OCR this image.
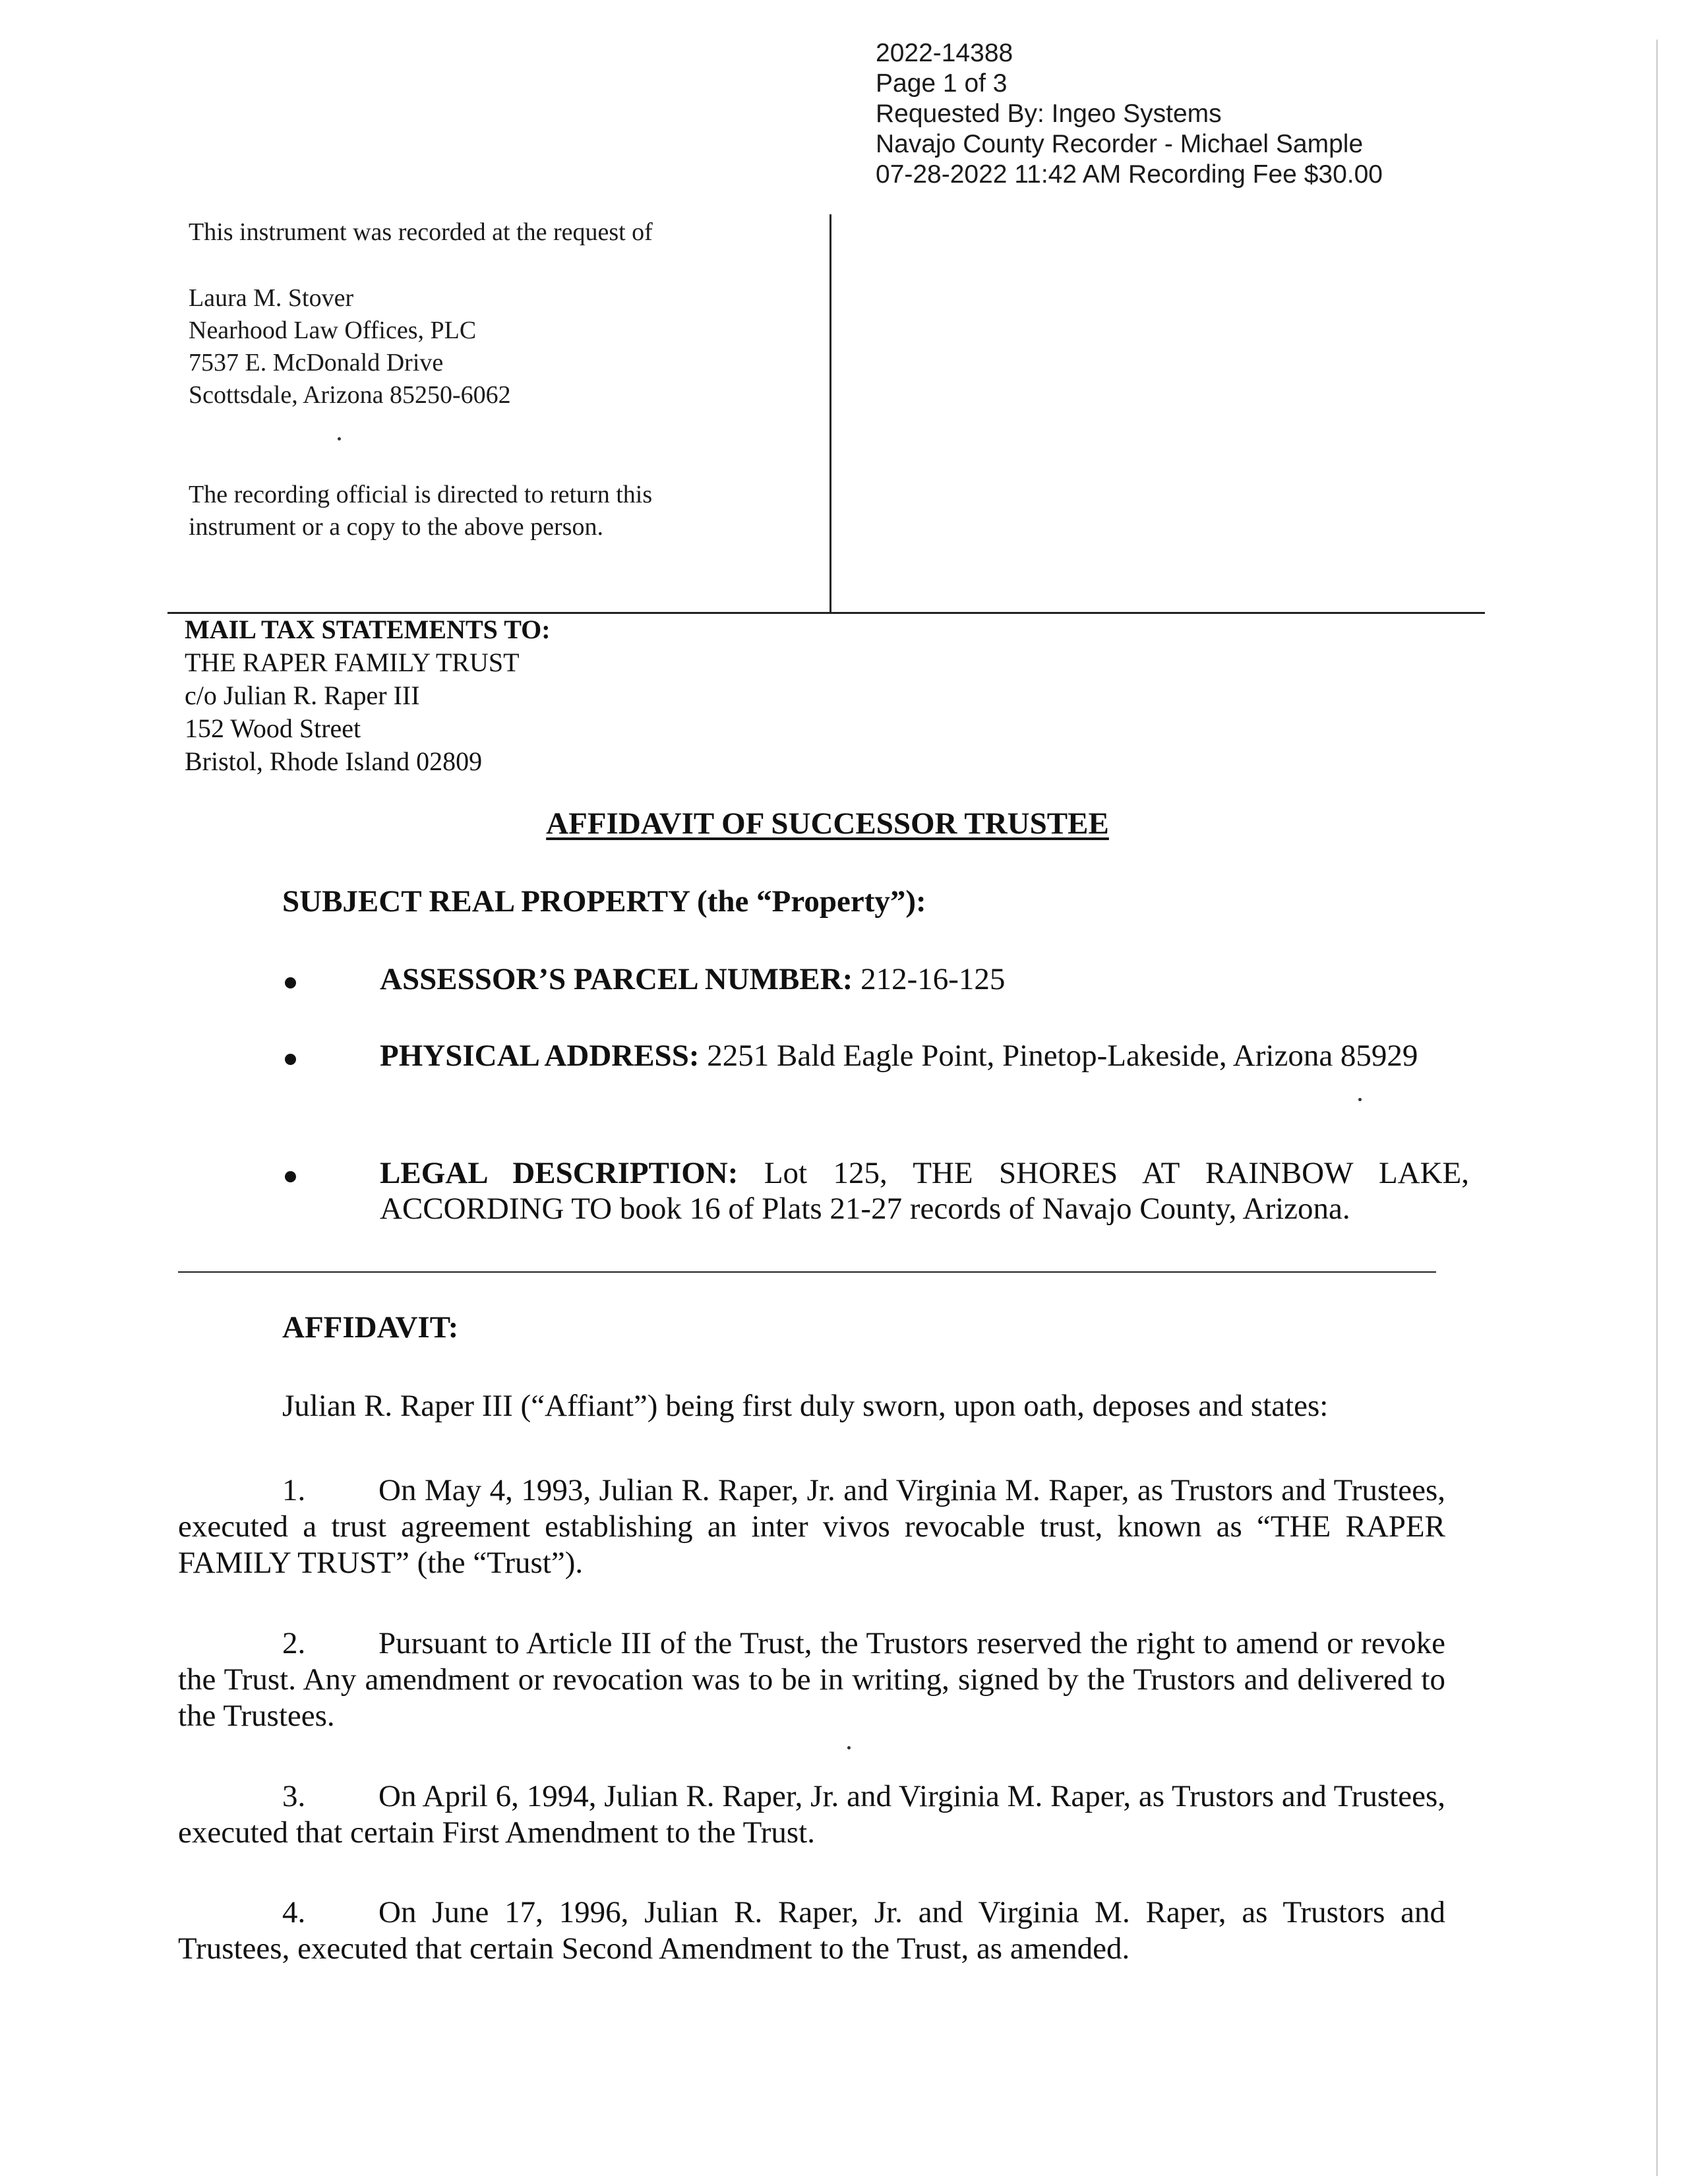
2022-14388
Page 1 of 3
Requested By: Ingeo Systems
Navajo County Recorder - Michael Sample
07-28-2022 11:42 AM Recording Fee $30.00
This instrument was recorded at the request of
Laura M. Stover
Nearhood Law Offices, PLC
7537 E. McDonald Drive
Scottsdale, Arizona 85250-6062
The recording official is directed to return this
instrument or a copy to the above person.
MAIL TAX STATEMENTS TO:
THE RAPER FAMILY TRUST
c/o Julian R. Raper III
152 Wood Street
Bristol, Rhode Island 02809
AFFIDAVIT OF SUCCESSOR TRUSTEE
SUBJECT REAL PROPERTY (the “Property”):
ASSESSOR’S PARCEL NUMBER: 212-16-125
PHYSICAL ADDRESS: 2251 Bald Eagle Point, Pinetop-Lakeside, Arizona 85929
LEGAL DESCRIPTION: Lot 125, THE SHORES AT RAINBOW LAKE, ACCORDING TO book 16 of Plats 21-27 records of Navajo County, Arizona.
AFFIDAVIT:
Julian R. Raper III (“Affiant”) being first duly sworn, upon oath, deposes and states:
1. On May 4, 1993, Julian R. Raper, Jr. and Virginia M. Raper, as Trustors and Trustees, executed a trust agreement establishing an inter vivos revocable trust, known as “THE RAPER FAMILY TRUST” (the “Trust”).
2. Pursuant to Article III of the Trust, the Trustors reserved the right to amend or revoke the Trust. Any amendment or revocation was to be in writing, signed by the Trustors and delivered to the Trustees.
3. On April 6, 1994, Julian R. Raper, Jr. and Virginia M. Raper, as Trustors and Trustees, executed that certain First Amendment to the Trust.
4. On June 17, 1996, Julian R. Raper, Jr. and Virginia M. Raper, as Trustors and Trustees, executed that certain Second Amendment to the Trust, as amended.
